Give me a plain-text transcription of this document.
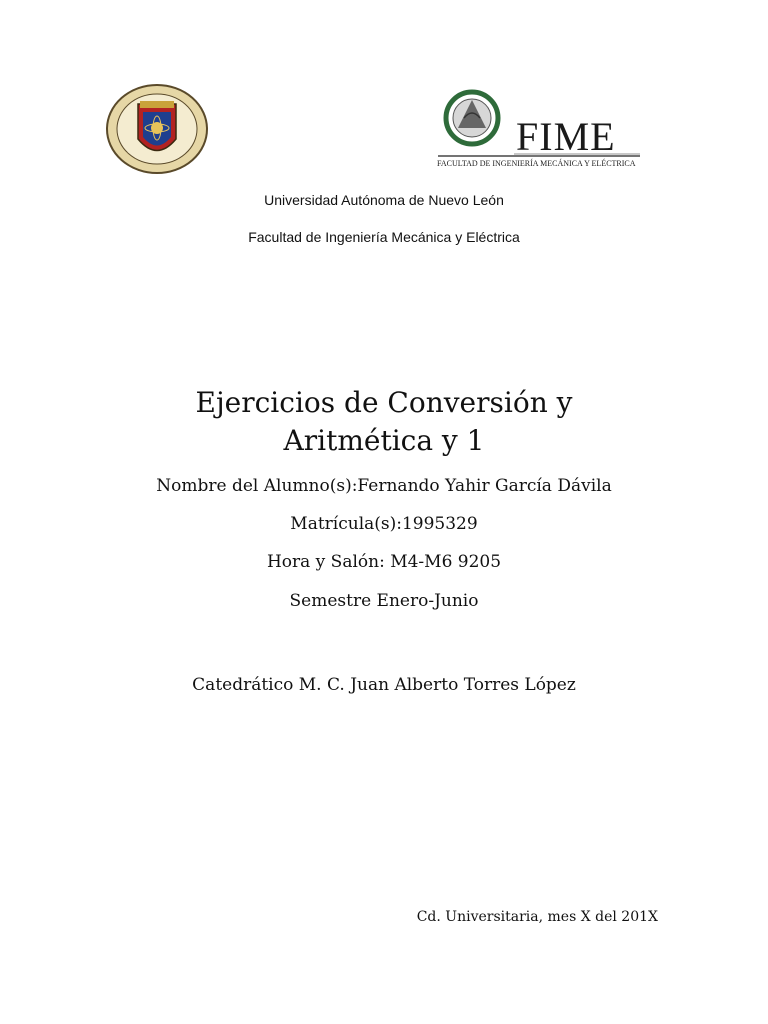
FIME
FACULTAD DE INGENIERÍA MECÁNICA Y ELÉCTRICA
Universidad Autónoma de Nuevo León
Facultad de Ingeniería Mecánica y Eléctrica
Ejercicios de Conversión y
Aritmética y 1
Nombre del Alumno(s):Fernando Yahir García Dávila
Matrícula(s):1995329
Hora y Salón: M4-M6 9205
Semestre Enero-Junio
Catedrático M. C. Juan Alberto Torres López
Cd. Universitaria, mes X del 201X
